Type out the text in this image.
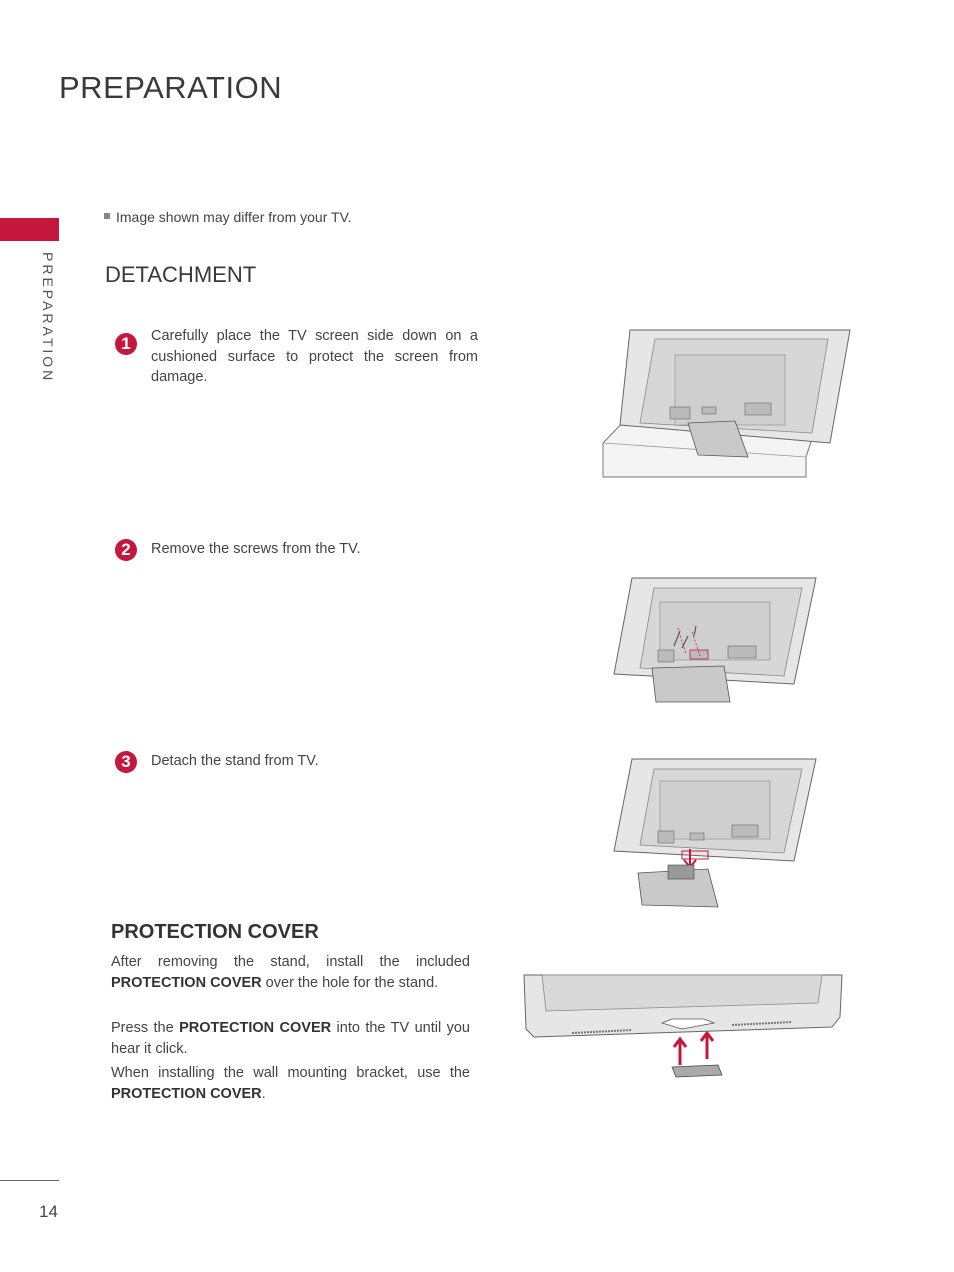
PREPARATION
PREPARATION
Image shown may differ from your TV.
DETACHMENT
1	Carefully place the TV screen side down on a cushioned surface to protect the screen from damage.
2	Remove the screws from the TV.
3	Detach the stand from TV.
PROTECTION COVER
After removing the stand, install the included PROTECTION COVER over the hole for the stand.
Press the PROTECTION COVER into the TV until you hear it click.
When installing the wall mounting bracket, use the PROTECTION COVER.
14
